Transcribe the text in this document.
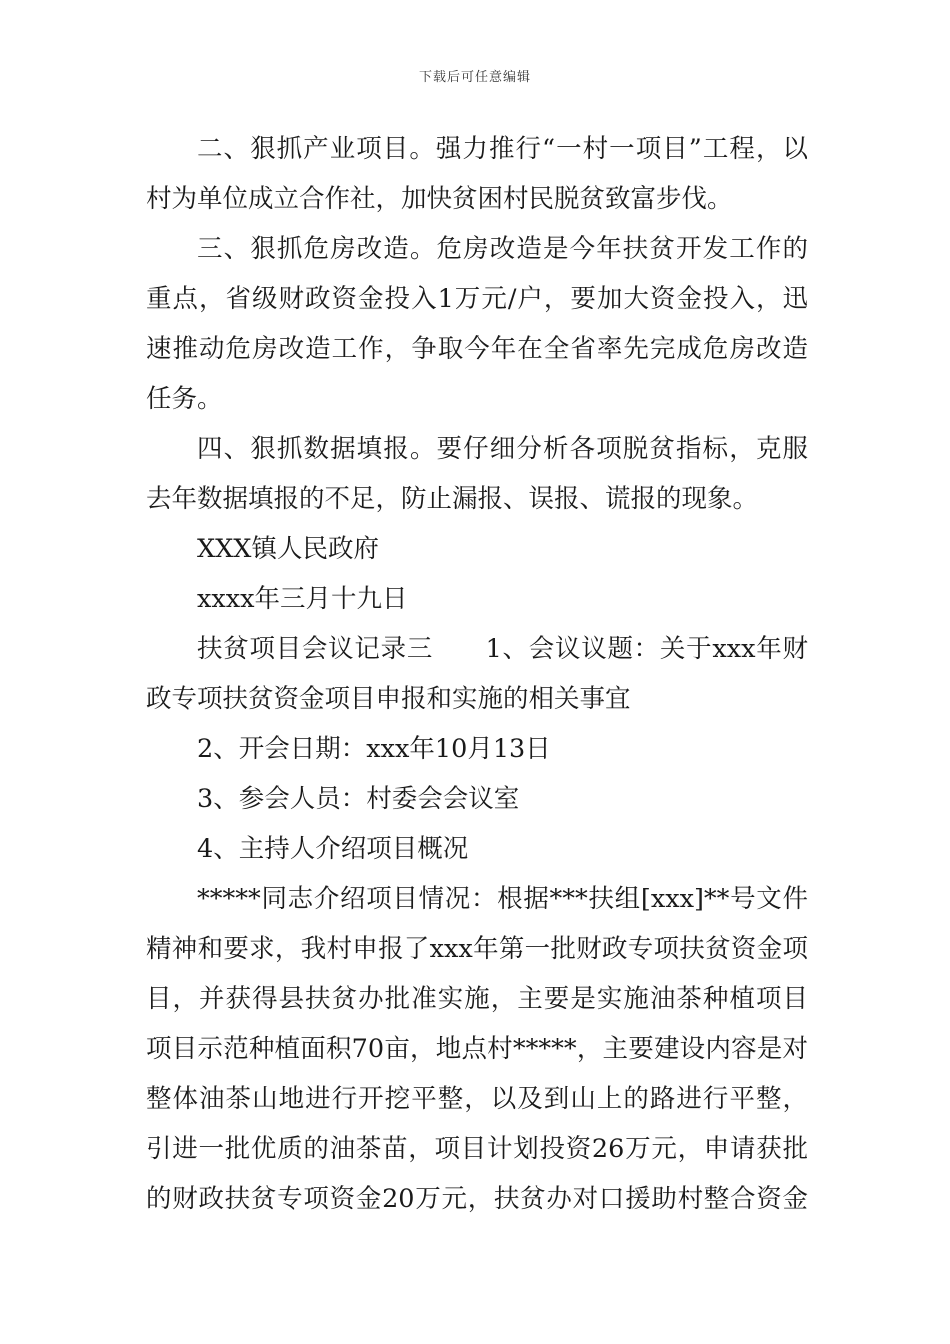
下载后可任意编辑

二、狠抓产业项目。强力推行“一村一项目”工程，以村为单位成立合作社，加快贫困村民脱贫致富步伐。

三、狠抓危房改造。危房改造是今年扶贫开发工作的重点，省级财政资金投入1万元/户，要加大资金投入，迅速推动危房改造工作，争取今年在全省率先完成危房改造任务。

四、狠抓数据填报。要仔细分析各项脱贫指标，克服去年数据填报的不足，防止漏报、误报、谎报的现象。

XXX镇人民政府

xxxx年三月十九日

扶贫项目会议记录三　　1、会议议题：关于xxx年财政专项扶贫资金项目申报和实施的相关事宜

2、开会日期：xxx年10月13日

3、参会人员：村委会会议室

4、主持人介绍项目概况

*****同志介绍项目情况：根据***扶组[xxx]**号文件精神和要求，我村申报了xxx年第一批财政专项扶贫资金项目，并获得县扶贫办批准实施，主要是实施油茶种植项目项目示范种植面积70亩，地点村*****，主要建设内容是对整体油茶山地进行开挖平整，以及到山上的路进行平整，引进一批优质的油茶苗，项目计划投资26万元，申请获批的财政扶贫专项资金20万元，扶贫办对口援助村整合资金
